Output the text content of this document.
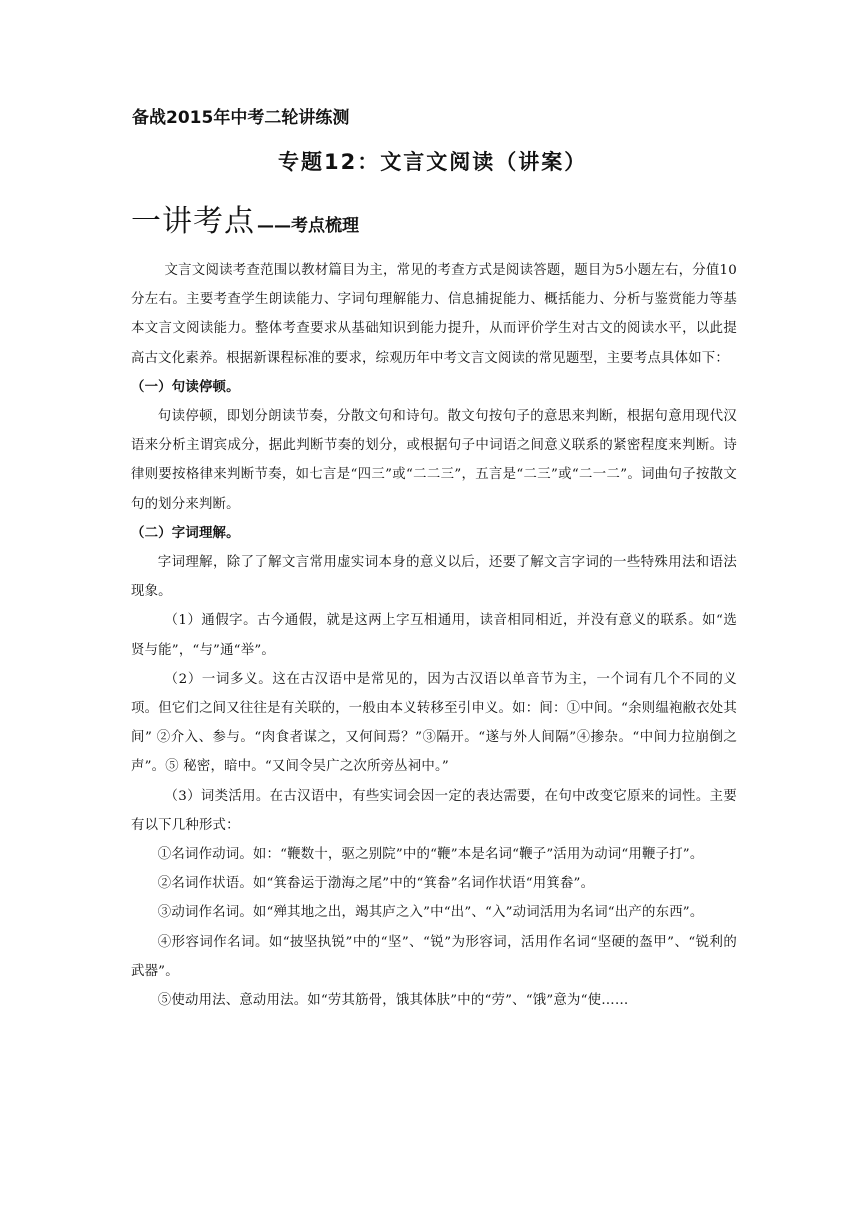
备战2015年中考二轮讲练测
专题12：文言文阅读（讲案）
一讲考点 ——考点梳理

文言文阅读考查范围以教材篇目为主，常见的考查方式是阅读答题，题目为5小题左右，分值10分左右。主要考查学生朗读能力、字词句理解能力、信息捕捉能力、概括能力、分析与鉴赏能力等基本文言文阅读能力。整体考查要求从基础知识到能力提升，从而评价学生对古文的阅读水平，以此提高古文化素养。根据新课程标准的要求，综观历年中考文言文阅读的常见题型，主要考点具体如下：

（一）句读停顿。

句读停顿，即划分朗读节奏，分散文句和诗句。散文句按句子的意思来判断，根据句意用现代汉语来分析主谓宾成分，据此判断节奏的划分，或根据句子中词语之间意义联系的紧密程度来判断。诗律则要按格律来判断节奏，如七言是“四三”或“二二三”，五言是“二三”或“二一二”。词曲句子按散文句的划分来判断。

（二）字词理解。

字词理解，除了了解文言常用虚实词本身的意义以后，还要了解文言字词的一些特殊用法和语法现象。

（1）通假字。古今通假，就是这两上字互相通用，读音相同相近，并没有意义的联系。如“选贤与能”，“与”通“举”。

（2）一词多义。这在古汉语中是常见的，因为古汉语以单音节为主，一个词有几个不同的义项。但它们之间又往往是有关联的，一般由本义转移至引申义。如：间：①中间。“余则缊袍敝衣处其间” ②介入、参与。“肉食者谋之，又何间焉？”③隔开。“遂与外人间隔”④掺杂。“中间力拉崩倒之声”。⑤ 秘密，暗中。“又间令吴广之次所旁丛祠中。”

（3）词类活用。在古汉语中，有些实词会因一定的表达需要，在句中改变它原来的词性。主要有以下几种形式：

①名词作动词。如：“鞭数十，驱之别院”中的“鞭”本是名词“鞭子”活用为动词“用鞭子打”。

②名词作状语。如“箕畚运于渤海之尾”中的“箕畚”名词作状语“用箕畚”。

③动词作名词。如“殚其地之出，竭其庐之入”中“出”、“入”动词活用为名词“出产的东西”。

④形容词作名词。如“披坚执锐”中的“坚”、“锐”为形容词，活用作名词“坚硬的盔甲”、“锐利的武器”。

⑤使动用法、意动用法。如“劳其筋骨，饿其体肤”中的“劳”、“饿”意为“使……
